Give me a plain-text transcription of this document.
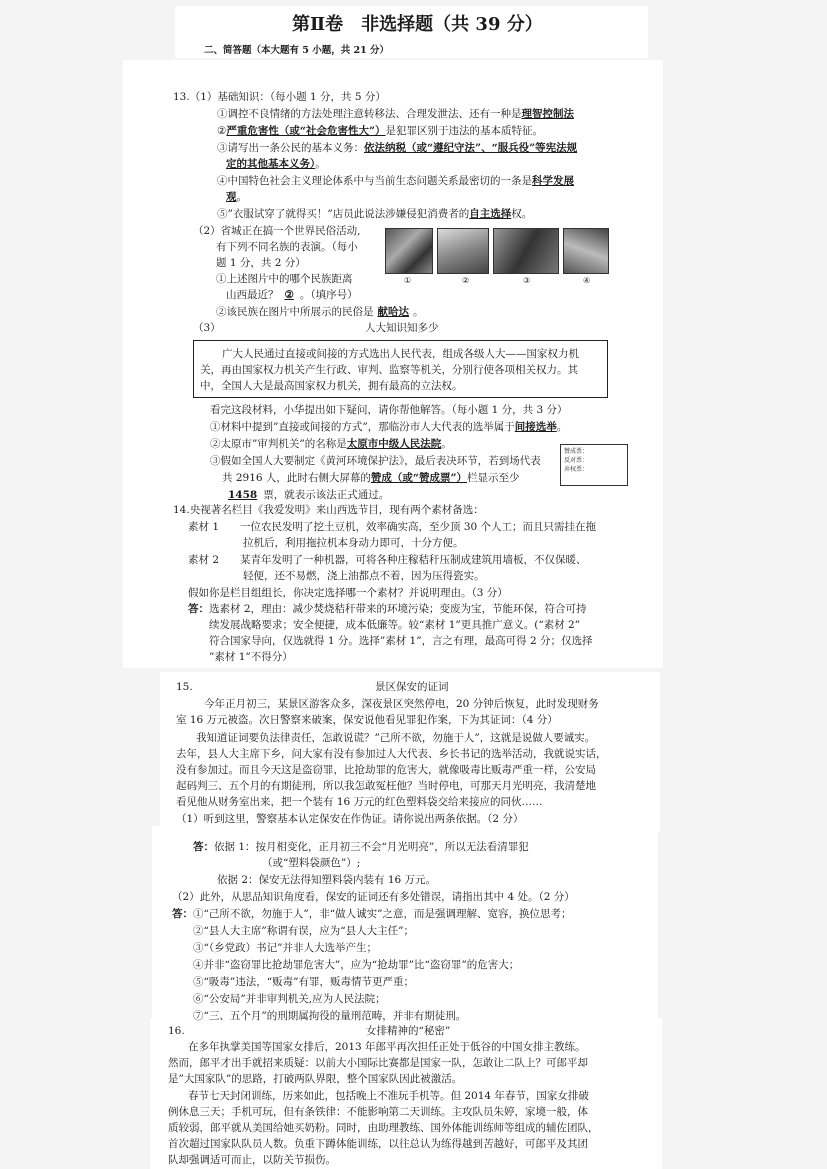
第Ⅱ卷　非选择题（共 39 分）
二、简答题（本大题有 5 小题，共 21 分）
13.（1）基础知识：（每小题 1 分，共 5 分）
①调控不良情绪的方法处理注意转移法、合理发泄法、还有一种是理智控制法
②严重危害性（或“社会危害性大”）是犯罪区别于违法的基本质特征。
③请写出一条公民的基本义务：依法纳税（或“遵纪守法”、“服兵役”等宪法规
定的其他基本义务）。
④中国特色社会主义理论体系中与当前生态问题关系最密切的一条是科学发展
观。
⑤”衣服试穿了就得买！”店员此说法涉嫌侵犯消费者的自主选择权。
（2）省城正在搞一个世界民俗活动,
有下列不同名族的表演。（每小
题 1 分，共 2 分）
①上述图片中的哪个民族距离
山西最近？ ② 。（填序号）
②该民族在图片中所展示的民俗是 献哈达 。
①	②	③	④
（3）	人大知识知多少
广大人民通过直接或间接的方式选出人民代表，组成各级人大——国家权力机
关，再由国家权力机关产生行政、审判、监察等机关，分别行使各项相关权力。其
中，全国人大是最高国家权力机关，拥有最高的立法权。
看完这段材料，小华提出如下疑问，请你帮他解答。（每小题 1 分，共 3 分）
①材料中提到”直接或间接的方式”，那临汾市人大代表的选举属于间接选举。
②太原市”审判机关”的名称是太原市中级人民法院。
③假如全国人大要制定《黄河环境保护法》，最后表决环节，若到场代表
共 2916 人，此时右侧大屏幕的赞成（或“赞成票”）栏显示至少
1458 票，就表示该法正式通过。
赞成票：
反对票：
弃权票：
14.央视著名栏目《我爱发明》来山西选节目，现有两个素材备选：
素材 1 一位农民发明了挖土豆机，效率确实高，至少顶 30 个人工；而且只需挂在拖
拉机后，利用拖拉机本身动力即可，十分方便。
素材 2 某青年发明了一种机器，可将各种庄稼秸秆压制成建筑用墙板，不仅保暖、
轻便，还不易燃，浇上油都点不着，因为压得瓷实。
假如你是栏目组组长，你决定选择哪一个素材？并说明理由。（3 分）
答： 选素材 2，理由：减少焚烧秸秆带来的环境污染；变废为宝，节能环保，符合可持
续发展战略要求；安全便捷，成本低廉等。较“素材 1”更具推广意义。(“素材 2”
符合国家导向，仅选就得 1 分。选择”素材 1”，言之有理，最高可得 2 分；仅选择
”素材 1”不得分）
15.	景区保安的证词
今年正月初三，某景区游客众多，深夜景区突然停电，20 分钟后恢复，此时发现财务
室 16 万元被盗。次日警察来破案，保安说他看见罪犯作案，下为其证词：（4 分）
我知道证词要负法律责任，怎敢说谎？”己所不欲，勿施于人”，这就是说做人要诚实。
去年，县人大主席下乡，问大家有没有参加过人大代表、乡长书记的选举活动，我就说实话，
没有参加过。而且今天这是盗窃罪，比抢劫罪的危害大，就像吸毒比贩毒严重一样，公安局
起码判三、五个月的有期徒刑，所以我怎敢冤枉他？当时停电，可那天月光明亮，我清楚地
看见他从财务室出来，把一个装有 16 万元的红色塑料袋交给来接应的同伙……
（1）听到这里，警察基本认定保安在作伪证。请你说出两条依据。（2 分）
答： 依据 1：按月相变化，正月初三不会“月光明亮”，所以无法看清罪犯
（或“塑料袋颜色”）;
依据 2：保安无法得知塑料袋内装有 16 万元。
（2）此外，从思品知识角度看，保安的证词还有多处错误，请指出其中 4 处。（2 分）
答： ①“己所不欲，勿施于人”，非“做人诚实”之意，而是强调理解、宽容，换位思考；
②“县人大主席”称谓有误，应为“县人大主任”；
③“（乡党政）书记”并非人大选举产生；
④并非“盗窃罪比抢劫罪危害大”，应为“抢劫罪”比“盗窃罪”的危害大；
⑤“吸毒”违法，“贩毒”有罪，贩毒情节更严重；
⑥“公安局”并非审判机关,应为人民法院；
⑦“三、五个月”的刑期属拘役的量刑范畴，并非有期徒刑。
16.	女排精神的“秘密”
在多年执掌美国等国家女排后，2013 年郎平再次担任正处于低谷的中国女排主教练。
然而，郎平才出手就招来质疑：以前大小国际比赛都是国家一队，怎敢让二队上？可郎平却
是”大国家队”的思路，打破两队界限，整个国家队因此被激活。
春节七天封闭训练，历来如此，包括晚上不准玩手机等。但 2014 年春节，国家女排破
例休息三天；手机可玩，但有条铁律：不能影响第二天训练。主攻队员朱婷，家境一般，体
质较弱，郎平就从美国给她买奶粉。同时，由助理教练、国外体能训练师等组成的辅佐团队，
首次超过国家队队员人数。负重下蹲体能训练，以往总认为练得越到苦越好，可郎平及其团
队却强调适可而止，以防关节损伤。
